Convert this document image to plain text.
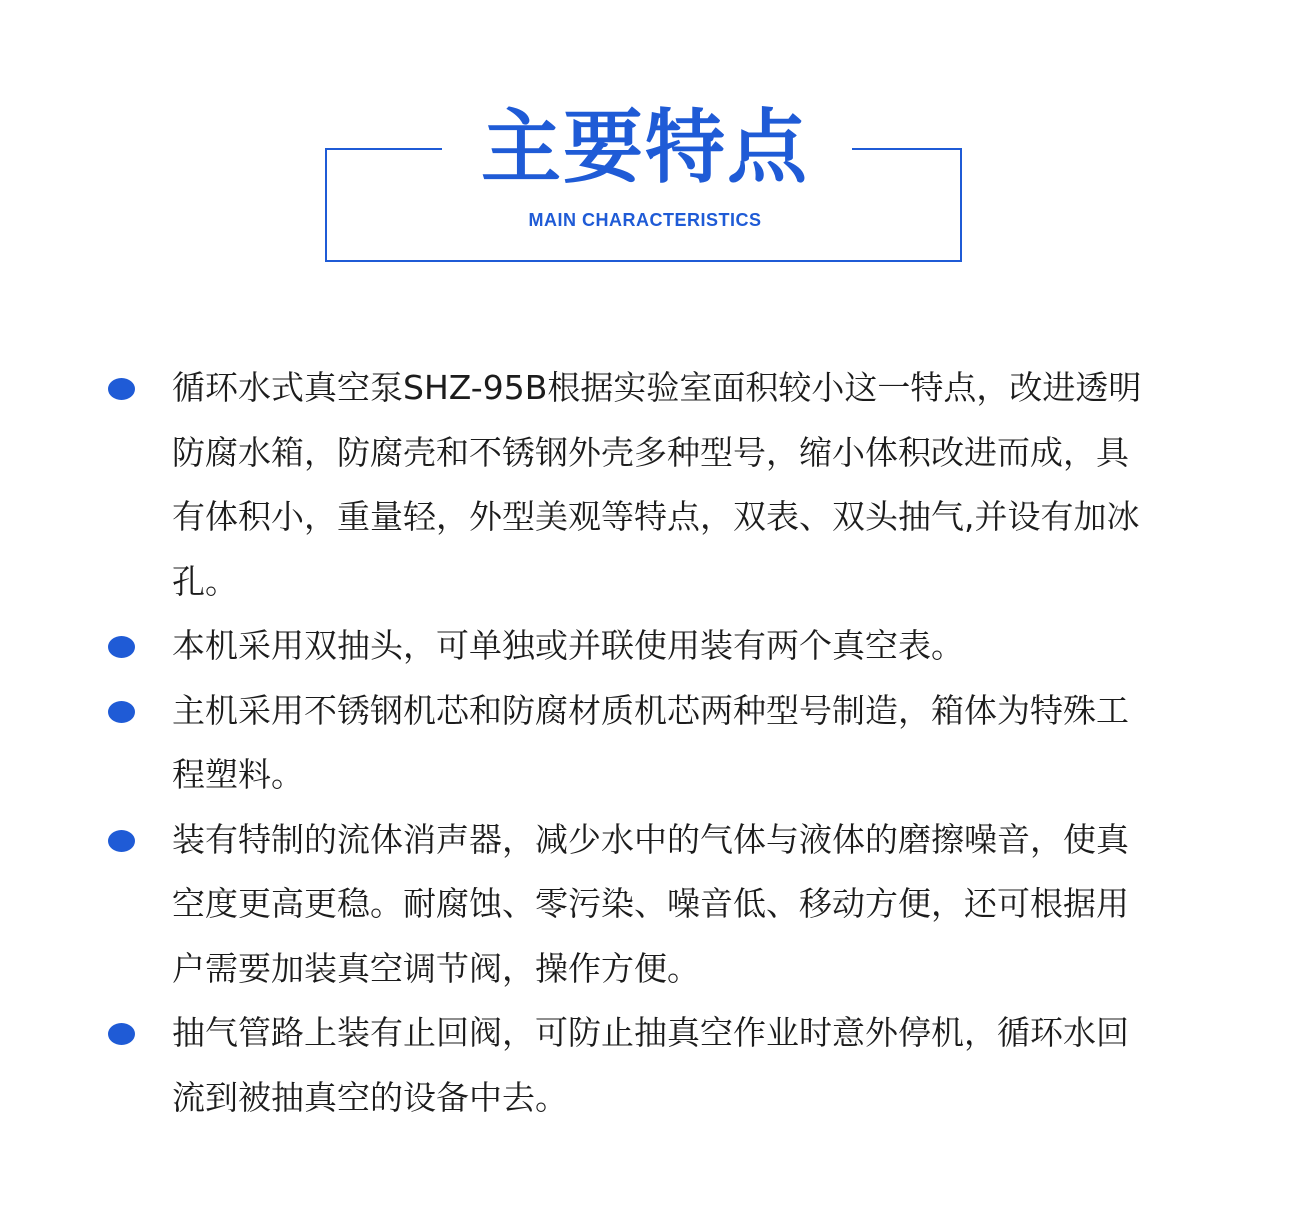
主要特点
MAIN CHARACTERISTICS
循环水式真空泵SHZ-95B根据实验室面积较小这一特点，改进透明防腐水箱，防腐壳和不锈钢外壳多种型号，缩小体积改进而成，具有体积小，重量轻，外型美观等特点，双表、双头抽气,并设有加冰孔。
本机采用双抽头，可单独或并联使用装有两个真空表。
主机采用不锈钢机芯和防腐材质机芯两种型号制造，箱体为特殊工程塑料。
装有特制的流体消声器，减少水中的气体与液体的磨擦噪音，使真空度更高更稳。耐腐蚀、零污染、噪音低、移动方便，还可根据用户需要加装真空调节阀，操作方便。
抽气管路上装有止回阀，可防止抽真空作业时意外停机，循环水回流到被抽真空的设备中去。
